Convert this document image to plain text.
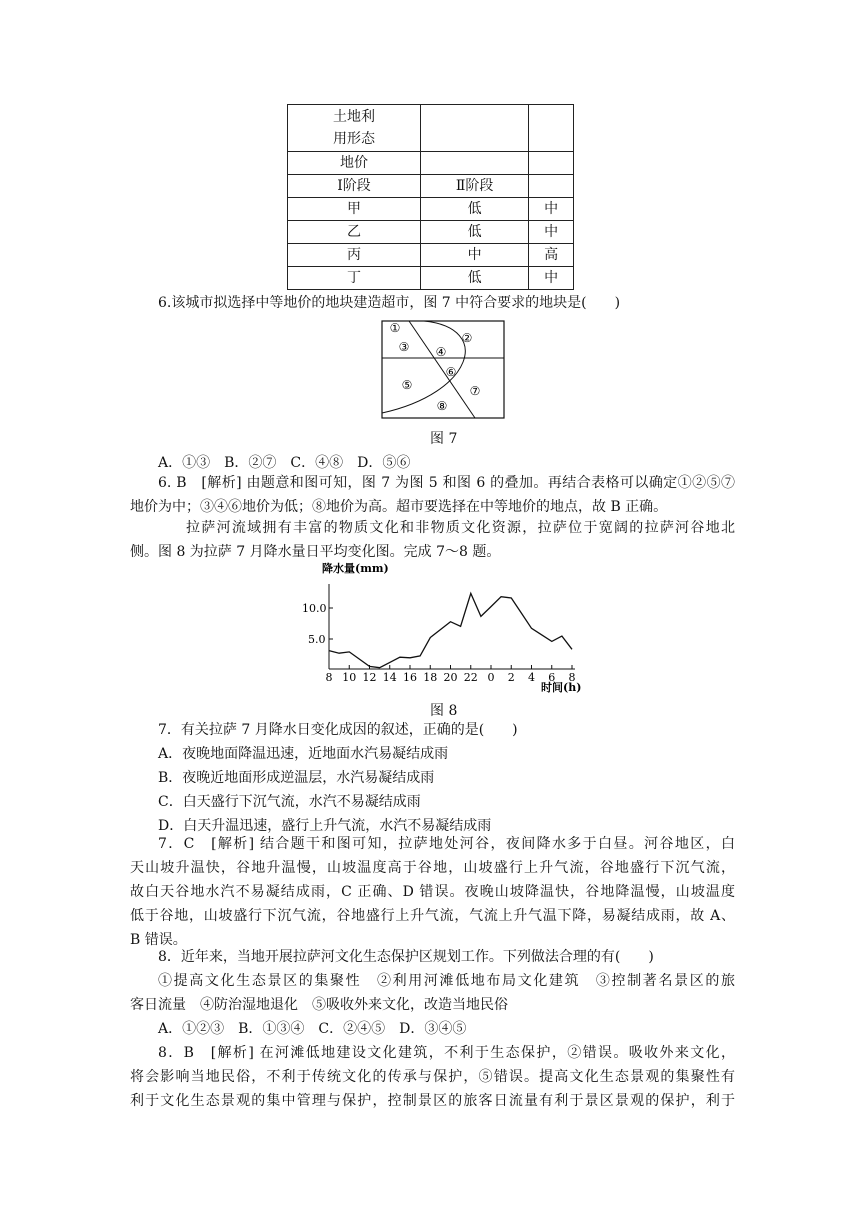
土地利
用形态		

地价		
Ⅰ阶段	Ⅱ阶段	
甲	低	中
乙	低	中
丙	中	高
丁	低	中
6.该城市拟选择中等地价的地块建造超市，图 7 中符合要求的地块是(　　)
①
②
③ ④
⑤
⑥
⑦
⑧
图 7
A．①③　B．②⑦　C．④⑧　D．⑤⑥
6. B　[解析] 由题意和图可知，图 7 为图 5 和图 6 的叠加。再结合表格可以确定①②⑤⑦
地价为中；③④⑥地价为低；⑧地价为高。超市要选择在中等地价的地点，故 B 正确。
拉萨河流域拥有丰富的物质文化和非物质文化资源，拉萨位于宽阔的拉萨河谷地北
侧。图 8 为拉萨 7 月降水量日平均变化图。完成 7～8 题。
降水量(mm)
10.0
5.0
8 10 12 14 16 18 20 22 0 2 4 6 8
时间(h)
图 8
7．有关拉萨 7 月降水日变化成因的叙述，正确的是(　　)
A．夜晚地面降温迅速，近地面水汽易凝结成雨
B．夜晚近地面形成逆温层，水汽易凝结成雨
C．白天盛行下沉气流，水汽不易凝结成雨
D．白天升温迅速，盛行上升气流，水汽不易凝结成雨
7．C　[解析] 结合题干和图可知，拉萨地处河谷，夜间降水多于白昼。河谷地区，白
天山坡升温快，谷地升温慢，山坡温度高于谷地，山坡盛行上升气流，谷地盛行下沉气流，
故白天谷地水汽不易凝结成雨，C 正确、D 错误。夜晚山坡降温快，谷地降温慢，山坡温度
低于谷地，山坡盛行下沉气流，谷地盛行上升气流，气流上升气温下降，易凝结成雨，故 A、
B 错误。
8．近年来，当地开展拉萨河文化生态保护区规划工作。下列做法合理的有(　　)
①提高文化生态景区的集聚性　②利用河滩低地布局文化建筑　③控制著名景区的旅
客日流量　④防治湿地退化　⑤吸收外来文化，改造当地民俗
A．①②③　B．①③④　C．②④⑤　D．③④⑤
8．B　[解析] 在河滩低地建设文化建筑，不利于生态保护，②错误。吸收外来文化，
将会影响当地民俗，不利于传统文化的传承与保护，⑤错误。提高文化生态景观的集聚性有
利于文化生态景观的集中管理与保护，控制景区的旅客日流量有利于景区景观的保护，利于
